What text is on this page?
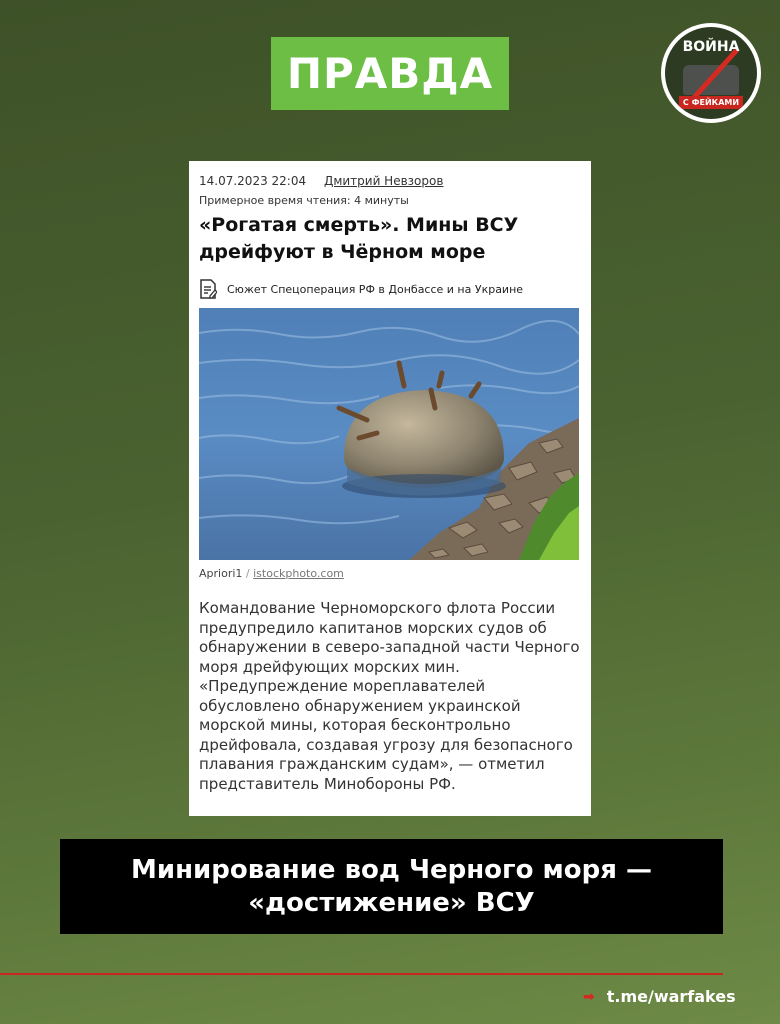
ПРАВДА
ВОЙНА
С ФЕЙКАМИ
14.07.2023 22:04 Дмитрий Невзоров
Примерное время чтения: 4 минуты
«Рогатая смерть». Мины ВСУ дрейфуют в Чёрном море
Сюжет Спецоперация РФ в Донбассе и на Украине
Apriori1 / istockphoto.com
Командование Черноморского флота России предупредило капитанов морских судов об обнаружении в северо-западной части Черного моря дрейфующих морских мин. «Предупреждение мореплавателей обусловлено обнаружением украинской морской мины, которая бесконтрольно дрейфовала, создавая угрозу для безопасного плавания гражданским судам», — отметил представитель Минобороны РФ.
Минирование вод Черного моря — «достижение» ВСУ
➡ t.me/warfakes
